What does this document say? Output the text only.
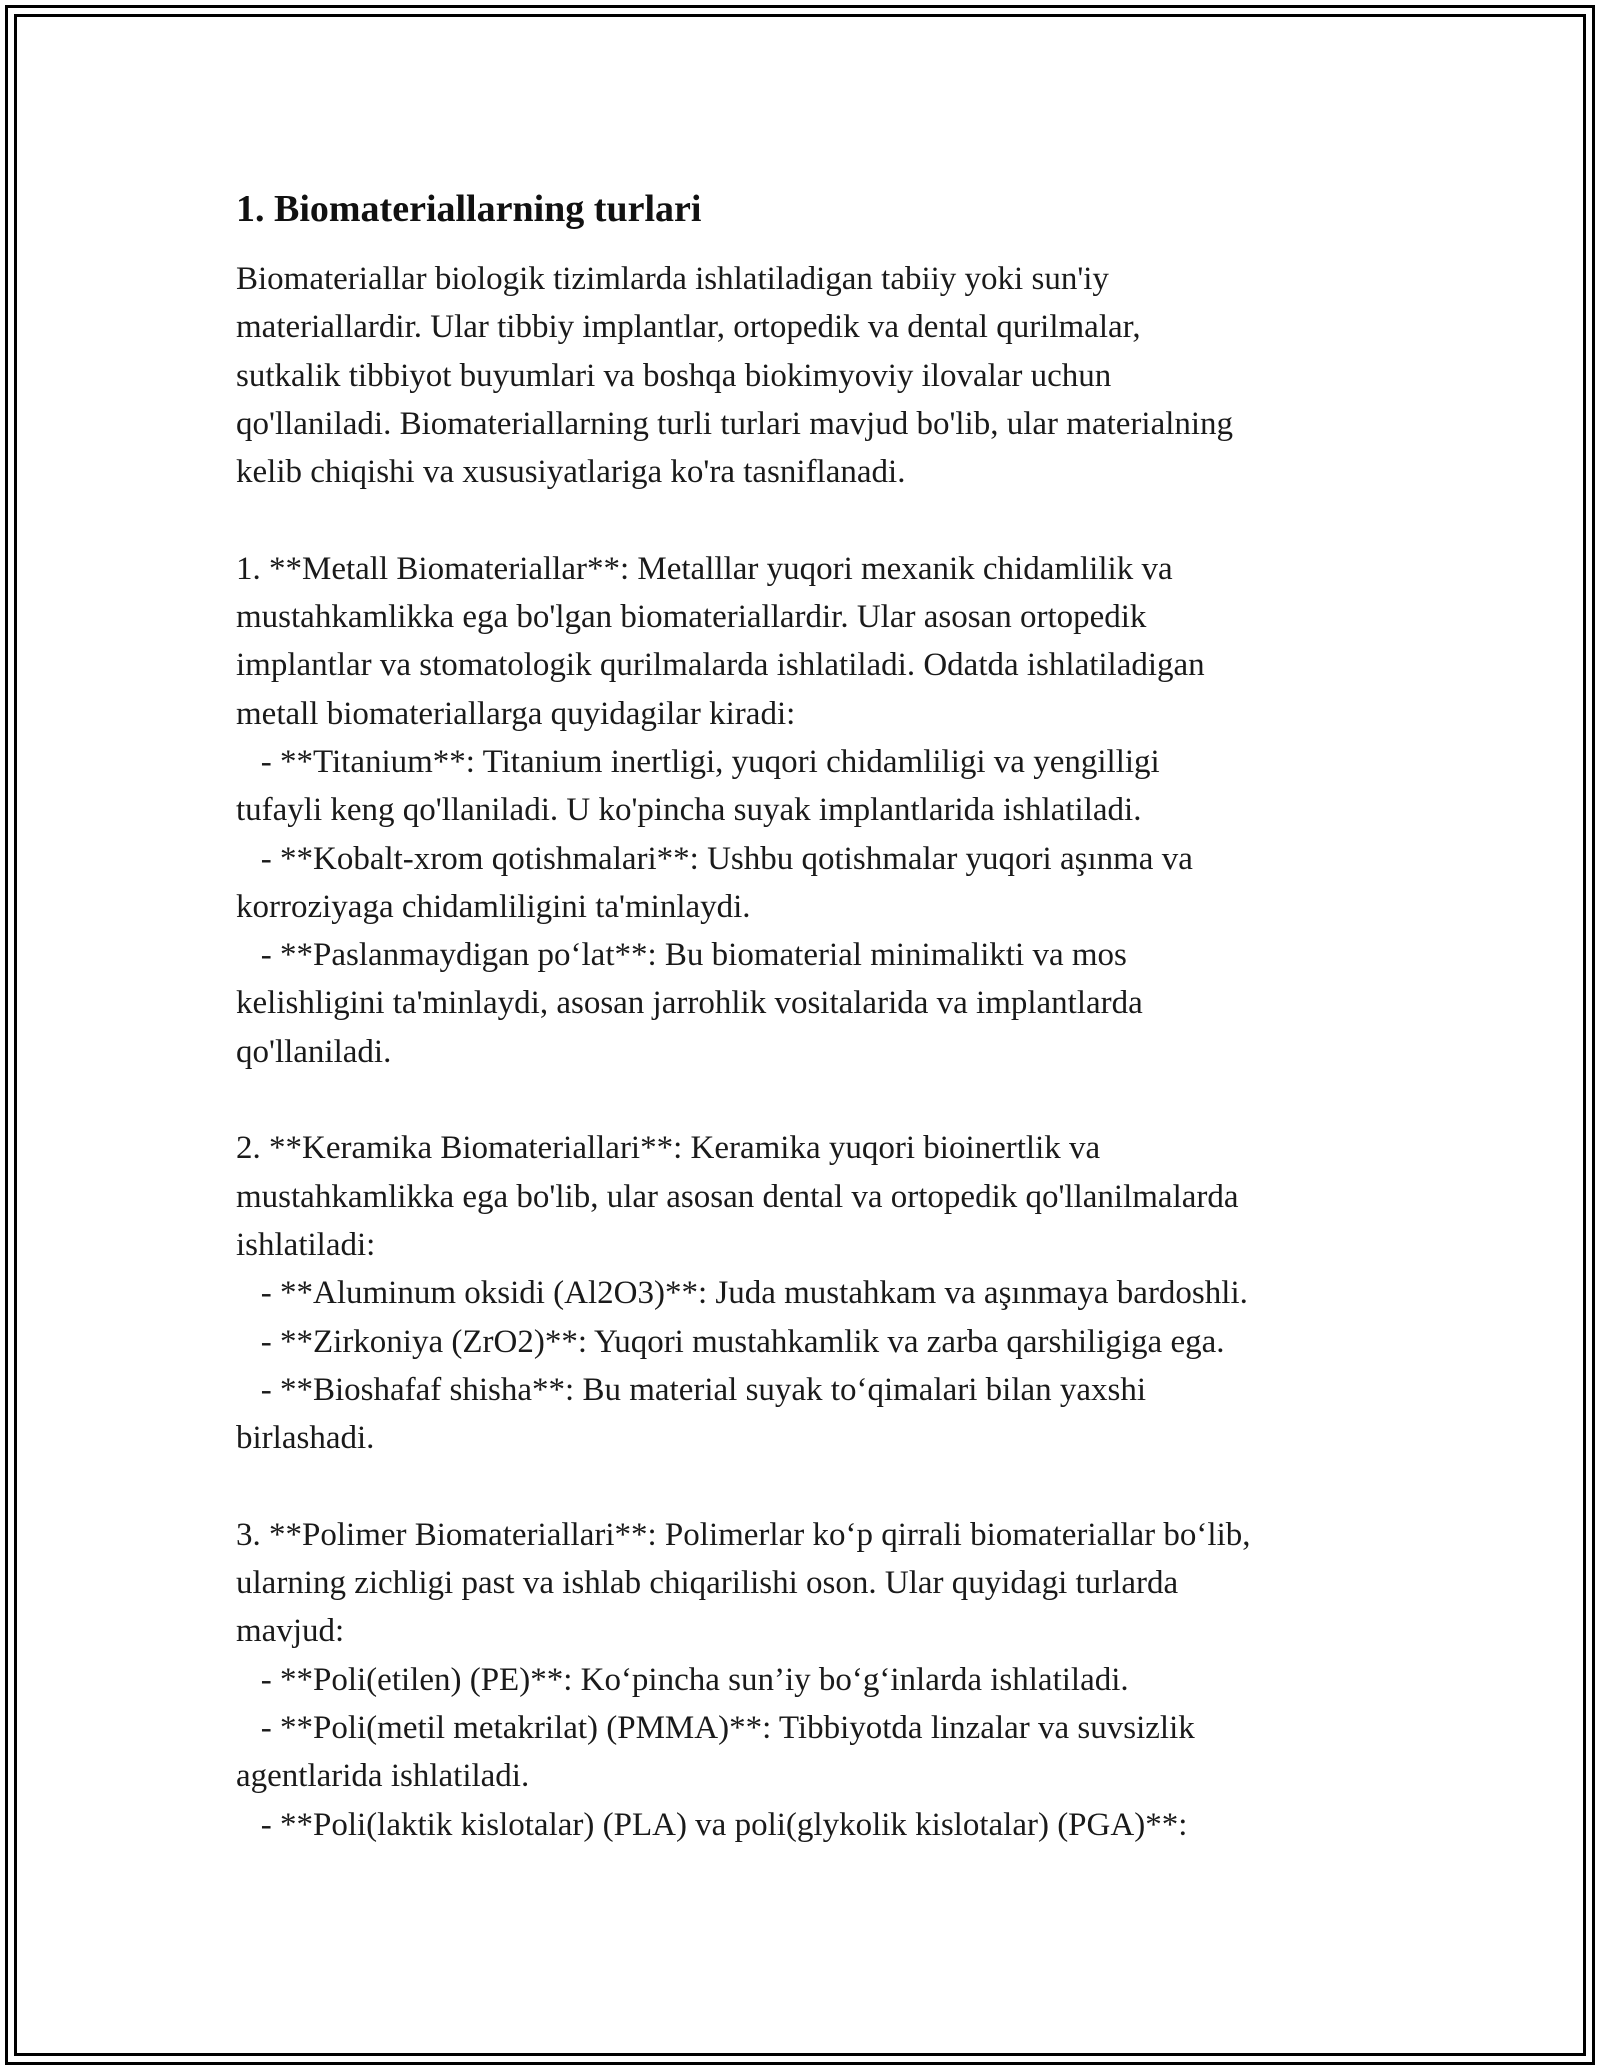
1. Biomateriallarning turlari
Biomateriallar biologik tizimlarda ishlatiladigan tabiiy yoki sun'iy
materiallardir. Ular tibbiy implantlar, ortopedik va dental qurilmalar,
sutkalik tibbiyot buyumlari va boshqa biokimyoviy ilovalar uchun
qo'llaniladi. Biomateriallarning turli turlari mavjud bo'lib, ular materialning
kelib chiqishi va xususiyatlariga ko'ra tasniflanadi.
1. **Metall Biomateriallar**: Metalllar yuqori mexanik chidamlilik va
mustahkamlikka ega bo'lgan biomateriallardir. Ular asosan ortopedik
implantlar va stomatologik qurilmalarda ishlatiladi. Odatda ishlatiladigan
metall biomateriallarga quyidagilar kiradi:
- **Titanium**: Titanium inertligi, yuqori chidamliligi va yengilligi
tufayli keng qo'llaniladi. U ko'pincha suyak implantlarida ishlatiladi.
- **Kobalt-xrom qotishmalari**: Ushbu qotishmalar yuqori aşınma va
korroziyaga chidamliligini ta'minlaydi.
- **Paslanmaydigan po‘lat**: Bu biomaterial minimalikti va mos
kelishligini ta'minlaydi, asosan jarrohlik vositalarida va implantlarda
qo'llaniladi.
2. **Keramika Biomateriallari**: Keramika yuqori bioinertlik va
mustahkamlikka ega bo'lib, ular asosan dental va ortopedik qo'llanilmalarda
ishlatiladi:
- **Aluminum oksidi (Al2O3)**: Juda mustahkam va aşınmaya bardoshli.
- **Zirkoniya (ZrO2)**: Yuqori mustahkamlik va zarba qarshiligiga ega.
- **Bioshafaf shisha**: Bu material suyak to‘qimalari bilan yaxshi
birlashadi.
3. **Polimer Biomateriallari**: Polimerlar ko‘p qirrali biomateriallar bo‘lib,
ularning zichligi past va ishlab chiqarilishi oson. Ular quyidagi turlarda
mavjud:
- **Poli(etilen) (PE)**: Ko‘pincha sun’iy bo‘g‘inlarda ishlatiladi.
- **Poli(metil metakrilat) (PMMA)**: Tibbiyotda linzalar va suvsizlik
agentlarida ishlatiladi.
- **Poli(laktik kislotalar) (PLA) va poli(glykolik kislotalar) (PGA)**:
